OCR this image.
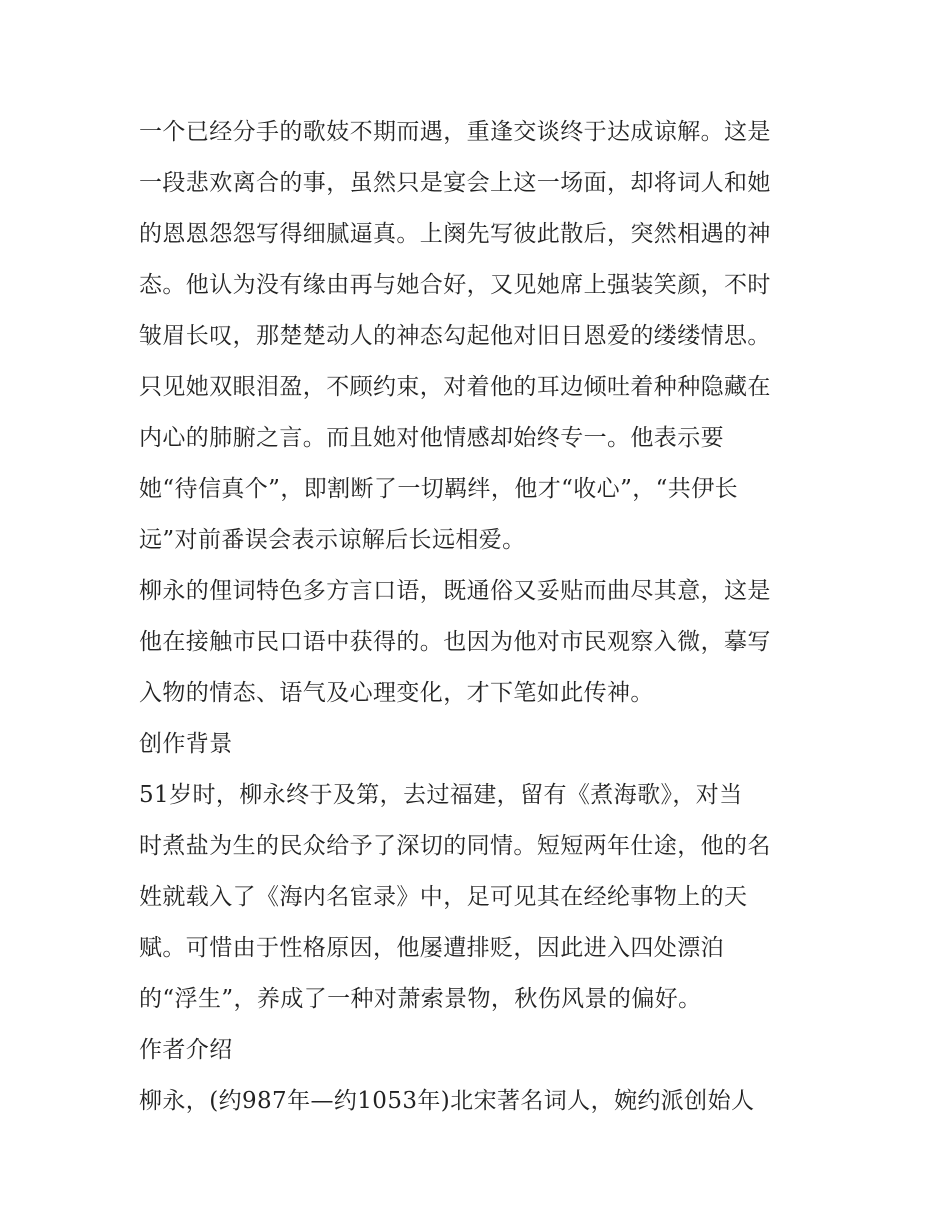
一个已经分手的歌妓不期而遇，重逢交谈终于达成谅解。这是
一段悲欢离合的事，虽然只是宴会上这一场面，却将词人和她
的恩恩怨怨写得细腻逼真。上阕先写彼此散后，突然相遇的神
态。他认为没有缘由再与她合好，又见她席上强装笑颜，不时
皱眉长叹，那楚楚动人的神态勾起他对旧日恩爱的缕缕情思。
只见她双眼泪盈，不顾约束，对着他的耳边倾吐着种种隐藏在
内心的肺腑之言。而且她对他情感却始终专一。他表示要
她“待信真个”，即割断了一切羁绊，他才“收心”，“共伊长
远”对前番误会表示谅解后长远相爱。
柳永的俚词特色多方言口语，既通俗又妥贴而曲尽其意，这是
他在接触市民口语中获得的。也因为他对市民观察入微，摹写
入物的情态、语气及心理变化，才下笔如此传神。
创作背景
51岁时，柳永终于及第，去过福建，留有《煮海歌》，对当
时煮盐为生的民众给予了深切的同情。短短两年仕途，他的名
姓就载入了《海内名宦录》中，足可见其在经纶事物上的天
赋。可惜由于性格原因，他屡遭排贬，因此进入四处漂泊
的“浮生”，养成了一种对萧索景物，秋伤风景的偏好。
作者介绍
柳永，(约987年—约1053年)北宋著名词人，婉约派创始人
